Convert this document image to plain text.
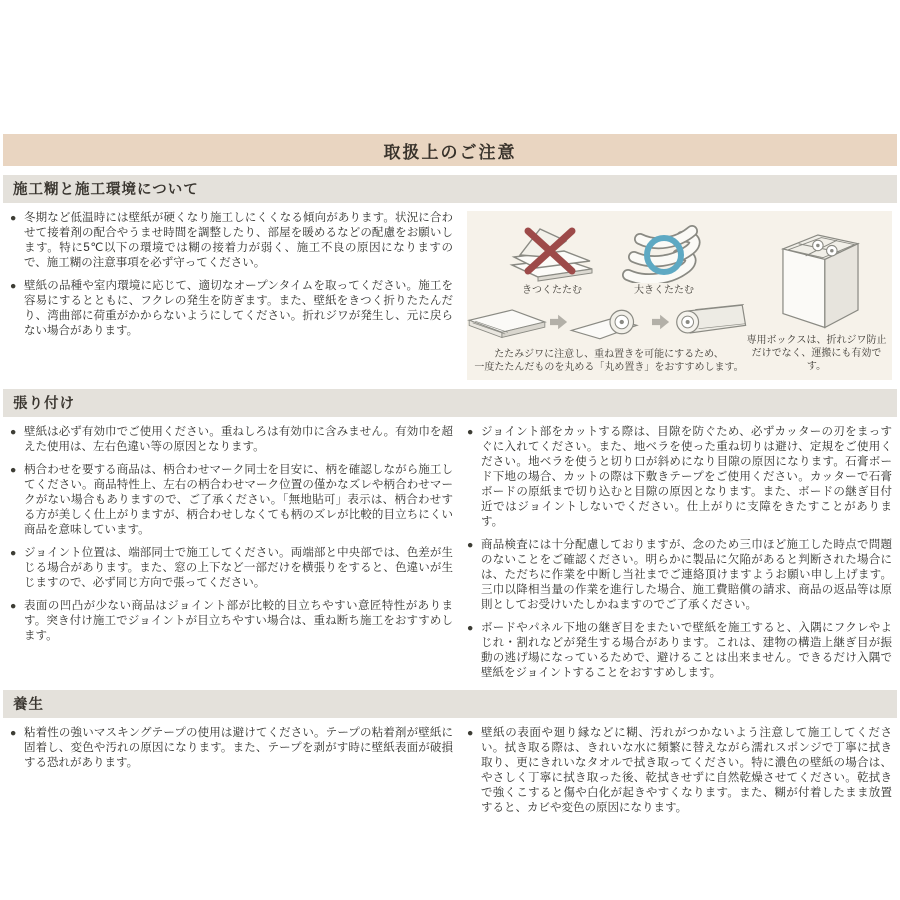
取扱上のご注意
施工糊と施工環境について

● 冬期など低温時には壁紙が硬くなり施工しにくくなる傾向があります。状況に合わせて接着剤の配合やうませ時間を調整したり、部屋を暖めるなどの配慮をお願いします。特に5℃以下の環境では糊の接着力が弱く、施工不良の原因になりますので、施工糊の注意事項を必ず守ってください。

● 壁紙の品種や室内環境に応じて、適切なオープンタイムを取ってください。施工を容易にするとともに、フクレの発生を防ぎます。また、壁紙をきつく折りたたんだり、湾曲部に荷重がかからないようにしてください。折れジワが発生し、元に戻らない場合があります。

きつくたたむ	大きくたたむ
たたみジワに注意し、重ね置きを可能にするため、
一度たたんだものを丸める「丸め置き」をおすすめします。
専用ボックスは、折れジワ防止
だけでなく、運搬にも有効です。
張り付け

● 壁紙は必ず有効巾でご使用ください。重ねしろは有効巾に含みません。有効巾を超えた使用は、左右色違い等の原因となります。

● 柄合わせを要する商品は、柄合わせマーク同士を目安に、柄を確認しながら施工してください。商品特性上、左右の柄合わせマーク位置の僅かなズレや柄合わせマークがない場合もありますので、ご了承ください。「無地貼可」表示は、柄合わせする方が美しく仕上がりますが、柄合わせしなくても柄のズレが比較的目立ちにくい商品を意味しています。

● ジョイント位置は、端部同士で施工してください。両端部と中央部では、色差が生じる場合があります。また、窓の上下など一部だけを横張りをすると、色違いが生じますので、必ず同じ方向で張ってください。

● 表面の凹凸が少ない商品はジョイント部が比較的目立ちやすい意匠特性があります。突き付け施工でジョイントが目立ちやすい場合は、重ね断ち施工をおすすめします。

● ジョイント部をカットする際は、目隙を防ぐため、必ずカッターの刃をまっすぐに入れてください。また、地ベラを使った重ね切りは避け、定規をご使用ください。地ベラを使うと切り口が斜めになり目隙の原因になります。石膏ボード下地の場合、カットの際は下敷きテープをご使用ください。カッターで石膏ボードの原紙まで切り込むと目隙の原因となります。また、ボードの継ぎ目付近ではジョイントしないでください。仕上がりに支障をきたすことがあります。

● 商品検査には十分配慮しておりますが、念のため三巾ほど施工した時点で問題のないことをご確認ください。明らかに製品に欠陥があると判断された場合には、ただちに作業を中断し当社までご連絡頂けますようお願い申し上げます。三巾以降相当量の作業を進行した場合、施工費賠償の請求、商品の返品等は原則としてお受けいたしかねますのでご了承ください。

● ボードやパネル下地の継ぎ目をまたいで壁紙を施工すると、入隅にフクレやよじれ・割れなどが発生する場合があります。これは、建物の構造上継ぎ目が振動の逃げ場になっているためで、避けることは出来ません。できるだけ入隅で壁紙をジョイントすることをおすすめします。

養生

● 粘着性の強いマスキングテープの使用は避けてください。テープの粘着剤が壁紙に固着し、変色や汚れの原因になります。また、テープを剥がす時に壁紙表面が破損する恐れがあります。

● 壁紙の表面や廻り縁などに糊、汚れがつかないよう注意して施工してください。拭き取る際は、きれいな水に頻繁に替えながら濡れスポンジで丁寧に拭き取り、更にきれいなタオルで拭き取ってください。特に濃色の壁紙の場合は、やさしく丁寧に拭き取った後、乾拭きせずに自然乾燥させてください。乾拭きで強くこすると傷や白化が起きやすくなります。また、糊が付着したまま放置すると、カビや変色の原因になります。
